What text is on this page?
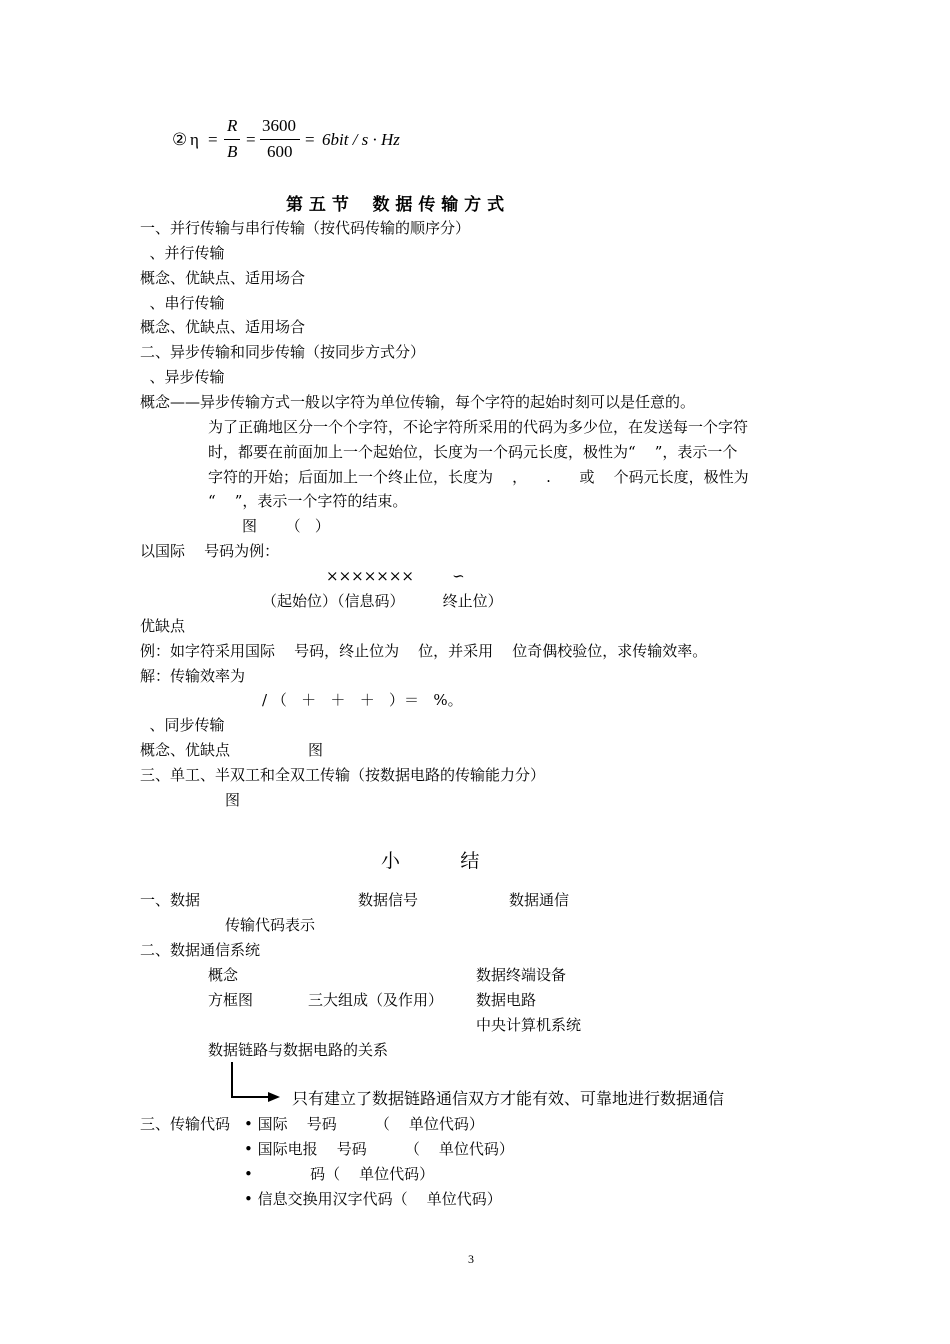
② η =
R
B
=
3600
600
= 6bit / s · Hz
第 五 节    数 据 传 输 方 式
一、并行传输与串行传输（按代码传输的顺序分）
、并行传输
概念、优缺点、适用场合
、串行传输
概念、优缺点、适用场合
二、异步传输和同步传输（按同步方式分）
、异步传输
概念——异步传输方式一般以字符为单位传输，每个字符的起始时刻可以是任意的。
为了正确地区分一个个字符，不论字符所采用的代码为多少位，在发送每一个字符
时，都要在前面加上一个起始位，长度为一个码元长度，极性为“    ”，表示一个
字符的开始；后面加上一个终止位，长度为    ，    .      或    个码元长度，极性为
“    ”，表示一个字符的结束。
图      （   ）
以国际    号码为例：
×××××××        ∽
（起始位）（信息码）        终止位）
优缺点
例：如字符采用国际    号码，终止位为    位，并采用    位奇偶校验位，求传输效率。
解：传输效率为
/ （   ＋   ＋   ＋   ）＝   %。
、同步传输
概念、优缺点	图
三、单工、半双工和全双工传输（按数据电路的传输能力分）
图
小          结
一、数据	数据信号	数据通信
传输代码表示
二、数据通信系统
概念	数据终端设备
方框图	三大组成（及作用） 数据电路
中央计算机系统
数据链路与数据电路的关系
只有建立了数据链路通信双方才能有效、可靠地进行数据通信
三、传输代码 • 国际    号码        （    单位代码）
• 国际电报    号码        （    单位代码）
•            码（    单位代码）
• 信息交换用汉字代码（    单位代码）
3
